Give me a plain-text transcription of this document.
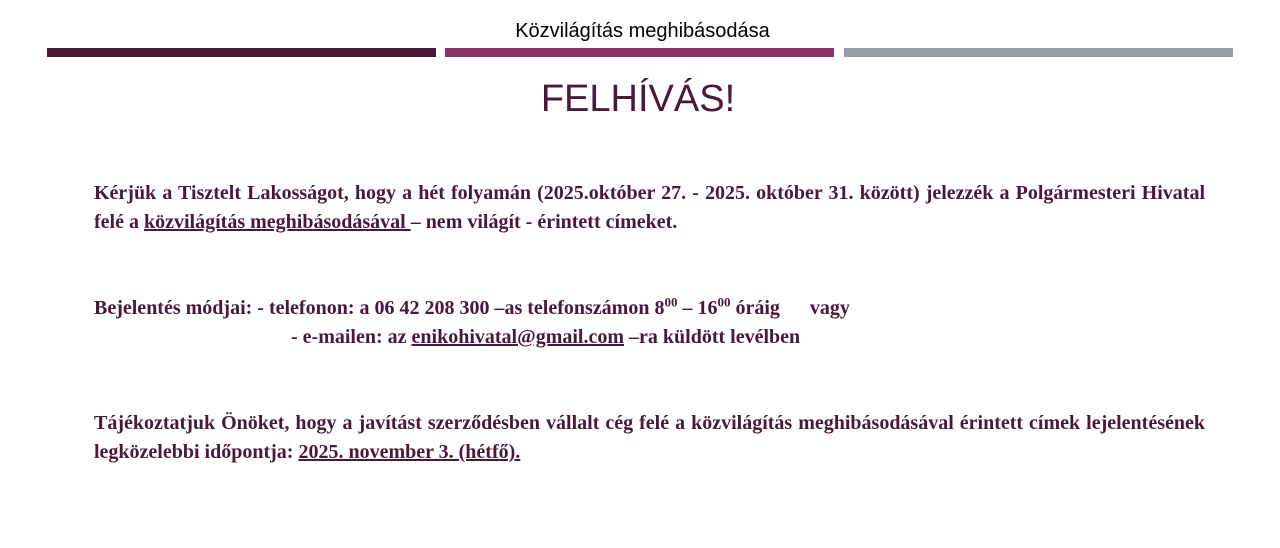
Közvilágítás meghibásodása
FELHÍVÁS!
Kérjük a Tisztelt Lakosságot, hogy a hét folyamán (2025.október 27. - 2025. október 31. között) jelezzék a Polgármesteri Hivatal felé a közvilágítás meghibásodásával – nem világít - érintett címeket.
Bejelentés módjai: - telefonon: a 06 42 208 300 –as telefonszámon $8^{00} - 16^{00}$ óráig vagy
- e-mailen: az enikohivatal@gmail.com –ra küldött levélben
Tájékoztatjuk Önöket, hogy a javítást szerződésben vállalt cég felé a közvilágítás meghibásodásával érintett címek lejelentésének legközelebbi időpontja: 2025. november 3. (hétfő).
